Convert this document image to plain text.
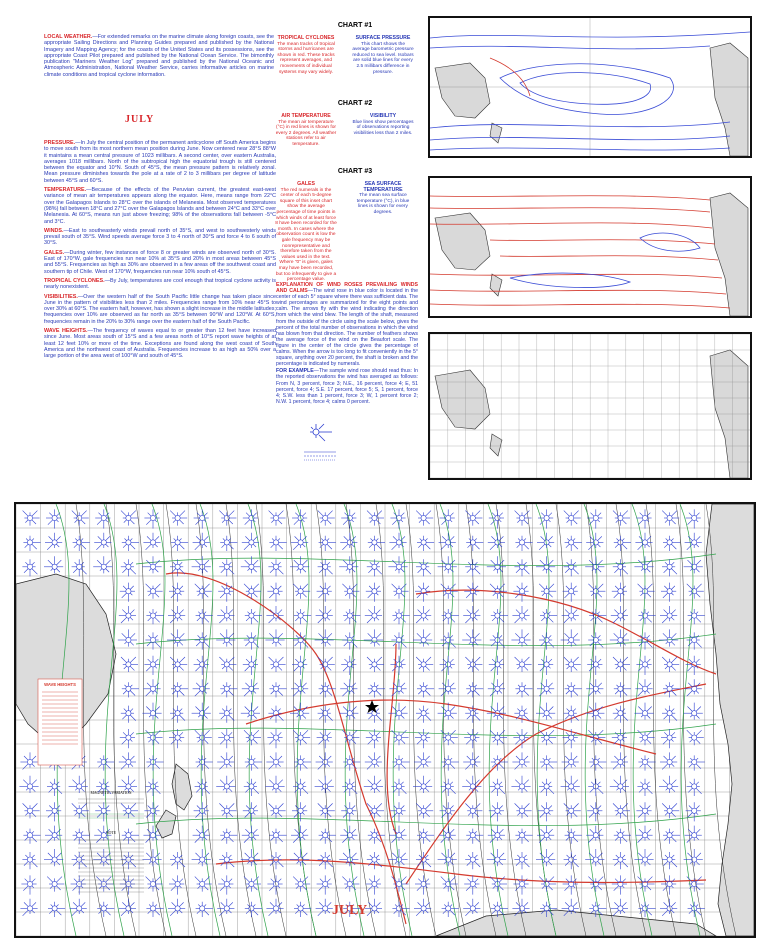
LOCAL WEATHER.—For extended remarks on the marine climate along foreign coasts, see the appropriate Sailing Directions and Planning Guides prepared and published by the National Imagery and Mapping Agency; for the coasts of the United States and its possessions, see the appropriate Coast Pilot prepared and published by the National Ocean Service. The bimonthly publication "Mariners Weather Log" prepared and published by the National Oceanic and Atmospheric Administration, National Weather Service, carries informative articles on marine climate conditions and tropical cyclone information.

JULY

PRESSURE.—In July the central position of the permanent anticyclone off South America begins to move south from its most northern mean position during June. Now centered near 28°S 88°W it maintains a mean central pressure of 1023 millibars. A second center, over eastern Australia, averages 1018 millibars. North of the subtropical high the equatorial trough is still centered between the equator and 10°N. South of 45°S, the mean pressure pattern is relatively zonal. Mean pressure diminishes towards the pole at a rate of 2 to 3 millibars per degree of latitude between 45°S and 60°S.

TEMPERATURE.—Because of the effects of the Peruvian current, the greatest east-west variance of mean air temperatures appears along the equator. Here, means range from 22°C over the Galapagos Islands to 28°C over the islands of Melanesia. Most observed temperatures (98%) fall between 18°C and 27°C over the Galapagos Islands and between 24°C and 33°C over Melanesia. At 60°S, means run just above freezing; 98% of the observations fall between -5°C and 3°C.

WINDS.—East to southeasterly winds prevail north of 35°S, and west to southwesterly winds prevail south of 35°S. Wind speeds average force 3 to 4 north of 30°S and force 4 to 6 south of 30°S.

GALES.—During winter, few instances of force 8 or greater winds are observed north of 30°S. East of 170°W, gale frequencies run near 10% at 35°S and 20% in most areas between 45°S and 55°S. Frequencies as high as 30% are observed in a few areas off the southwest coast and southern tip of Chile. West of 170°W, frequencies run near 10% south of 45°S.

TROPICAL CYCLONES.—By July, temperatures are cool enough that tropical cyclone activity is nearly nonexistent.

VISIBILITIES.—Over the western half of the South Pacific little change has taken place since June in the pattern of visibilities less than 2 miles. Frequencies range from 10% near 45°S to over 30% at 60°S. The eastern half, however, has shown a slight increase in the middle latitudes; frequencies over 10% are observed as far north as 35°S between 90°W and 120°W. At 60°S, frequencies remain in the 20% to 30% range over the eastern half of the South Pacific.

WAVE HEIGHTS.—The frequency of waves equal to or greater than 12 feet have increased since June. Most areas south of 15°S and a few areas north of 10°S report wave heights of at least 12 feet 10% or more of the time. Exceptions are found along the west coast of South America and the northwest coast of Australia. Frequencies increase to as high as 50% over a large portion of the area west of 100°W and south of 45°S.

CHART #1
TROPICAL CYCLONES
The mean tracks of tropical storms and hurricanes are shown in red. These tracks represent averages, and movements of individual systems may vary widely.
SURFACE PRESSURE
This chart shows the average barometric pressure reduced to sea level. Isobars are solid blue lines for every 2.5 millibars difference in pressure.
CHART #2
AIR TEMPERATURE
The mean air temperature (°C) in red lines is shown for every 2 degrees. All weather stations refer to air temperature.
VISIBILITY
Blue lines show percentages of observations reporting visibilities less than 2 miles.
CHART #3
GALES
The red numerals in the center of each 5-degree square of this inset chart show the average percentage of time points in which winds of at least force 8 have been recorded for the month. In cases where the observation count is low the gale frequency may be nonrepresentative and therefore taken from the values used in the text. Where "0" is given, gales may have been recorded, but too infrequently to give a percentage value.
SEA SURFACE TEMPERATURE
The mean sea surface temperature (°C), in blue lines is shown for every degrees.

EXPLANATION OF WIND ROSES PREVAILING WINDS AND CALMS—The wind rose in blue color is located in the center of each 5° square where there was sufficient data. The wind percentages are summarized for the eight points and calm. The arrows fly with the wind indicating the direction from which the wind blew. The length of the shaft, measured from the outside of the circle using the scale below, gives the percent of the total number of observations in which the wind has blown from that direction. The number of feathers shows the average force of the wind on the Beaufort scale. The figure in the center of the circle gives the percentage of calms. When the arrow is too long to fit conveniently in the 5° square, anything over 20 percent, the shaft is broken and the percentage is indicated by numerals.

FOR EXAMPLE—The sample wind rose should read thus: In the reported observations the wind has averaged as follows: From N, 3 percent, force 3; N.E., 16 percent, force 4; E, 51 percent, force 4; S.E. 17 percent, force 5; S, 1 percent, force 4; S.W. less than 1 percent, force 3; W, 1 percent force 2; N.W. 1 percent, force 4; calms 0 percent.

WAVE HEIGHTS
MAGNETIC VARIATION
NOTE
JULY
